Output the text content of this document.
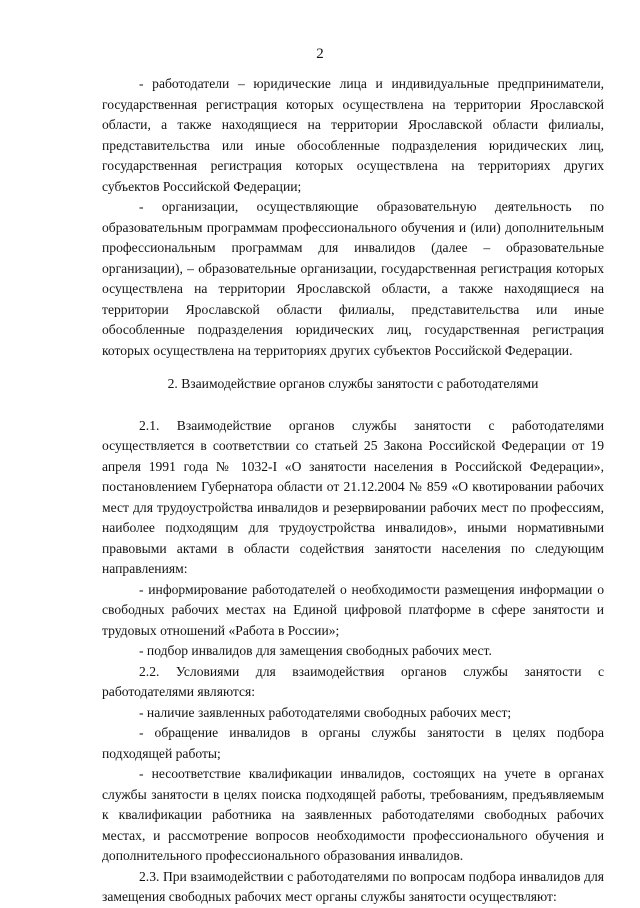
2

- работодатели – юридические лица и индивидуальные предприниматели, государственная регистрация которых осуществлена на территории Ярославской области, а также находящиеся на территории Ярославской области филиалы, представительства или иные обособленные подразделения юридических лиц, государственная регистрация которых осуществлена на территориях других субъектов Российской Федерации;

- организации, осуществляющие образовательную деятельность по образовательным программам профессионального обучения и (или) дополнительным профессиональным программам для инвалидов (далее – образовательные организации), – образовательные организации, государственная регистрация которых осуществлена на территории Ярославской области, а также находящиеся на территории Ярославской области филиалы, представительства или иные обособленные подразделения юридических лиц, государственная регистрация которых осуществлена на территориях других субъектов Российской Федерации.

2. Взаимодействие органов службы занятости с работодателями

2.1. Взаимодействие органов службы занятости с работодателями осуществляется в соответствии со статьей 25 Закона Российской Федерации от 19 апреля 1991 года № 1032-I «О занятости населения в Российской Федерации», постановлением Губернатора области от 21.12.2004 № 859 «О квотировании рабочих мест для трудоустройства инвалидов и резервировании рабочих мест по профессиям, наиболее подходящим для трудоустройства инвалидов», иными нормативными правовыми актами в области содействия занятости населения по следующим направлениям:

- информирование работодателей о необходимости размещения информации о свободных рабочих местах на Единой цифровой платформе в сфере занятости и трудовых отношений «Работа в России»;

- подбор инвалидов для замещения свободных рабочих мест.

2.2. Условиями для взаимодействия органов службы занятости с работодателями являются:

- наличие заявленных работодателями свободных рабочих мест;

- обращение инвалидов в органы службы занятости в целях подбора подходящей работы;

- несоответствие квалификации инвалидов, состоящих на учете в органах службы занятости в целях поиска подходящей работы, требованиям, предъявляемым к квалификации работника на заявленных работодателями свободных рабочих местах, и рассмотрение вопросов необходимости профессионального обучения и дополнительного профессионального образования инвалидов.

2.3. При взаимодействии с работодателями по вопросам подбора инвалидов для замещения свободных рабочих мест органы службы занятости осуществляют:
